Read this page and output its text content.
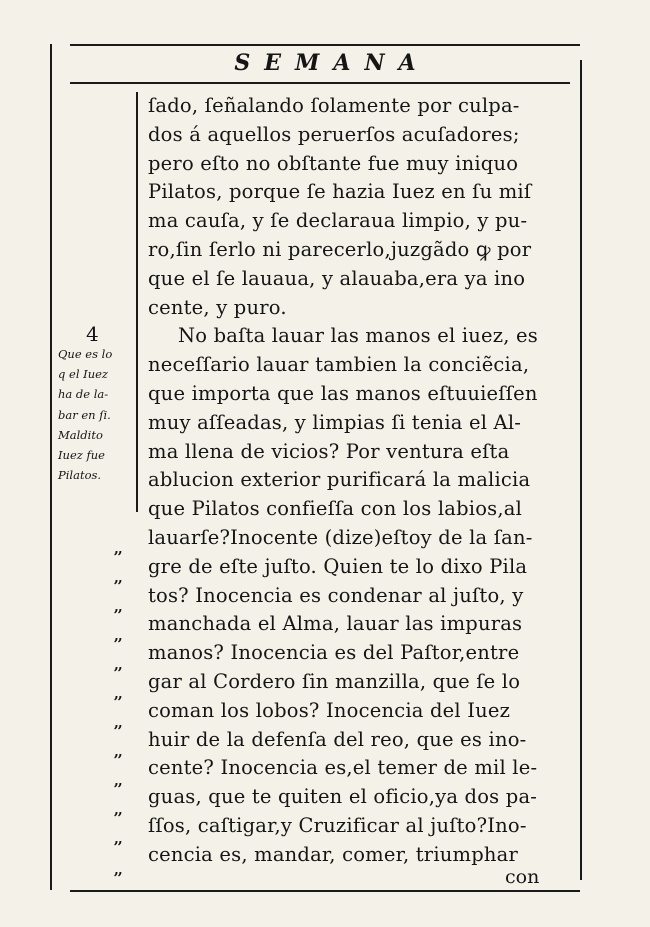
SEMANA
4
Que es lo
q el Iuez
ha de la-
bar en ſi.
Maldito
Iuez fue
Pilatos.
ſado, ſeñalando ſolamente por culpa-
dos á aquellos peruerſos acuſadores;
pero eſto no obſtante fue muy iniquo
Pilatos, porque ſe hazia Iuez en ſu miſ
ma cauſa, y ſe declaraua limpio, y pu-
ro,ſin ſerlo ni parecerlo,juzgãdo ꝙ por
que el ſe lauaua, y alauaba,era ya ino
cente, y puro.
No baſta lauar las manos el iuez, es
neceſſario lauar tambien la conciẽcia,
que importa que las manos eſtuuieſſen
muy aſſeadas, y limpias ſi tenia el Al-
ma llena de vicios? Por ventura eſta
ablucion exterior purificará la malicia
que Pilatos confieſſa con los labios,al
lauarſe?Inocente (dize)eſtoy de la ſan-
gre de eſte juſto. Quien te lo dixo Pila
tos? Inocencia es condenar al juſto, y
manchada el Alma, lauar las impuras
manos? Inocencia es del Paſtor,entre
gar al Cordero ſin manzilla, que ſe lo
coman los lobos? Inocencia del Iuez
huir de la defenſa del reo, que es ino-
cente? Inocencia es,el temer de mil le-
guas, que te quiten el oficio,ya dos pa-
ſſos, caſtigar,y Cruzificar al juſto?Ino-
cencia es, mandar, comer, triumphar
,,
,,
,,
,,
,,
,,
,,
,,
,,
,,
,,
,,	con
